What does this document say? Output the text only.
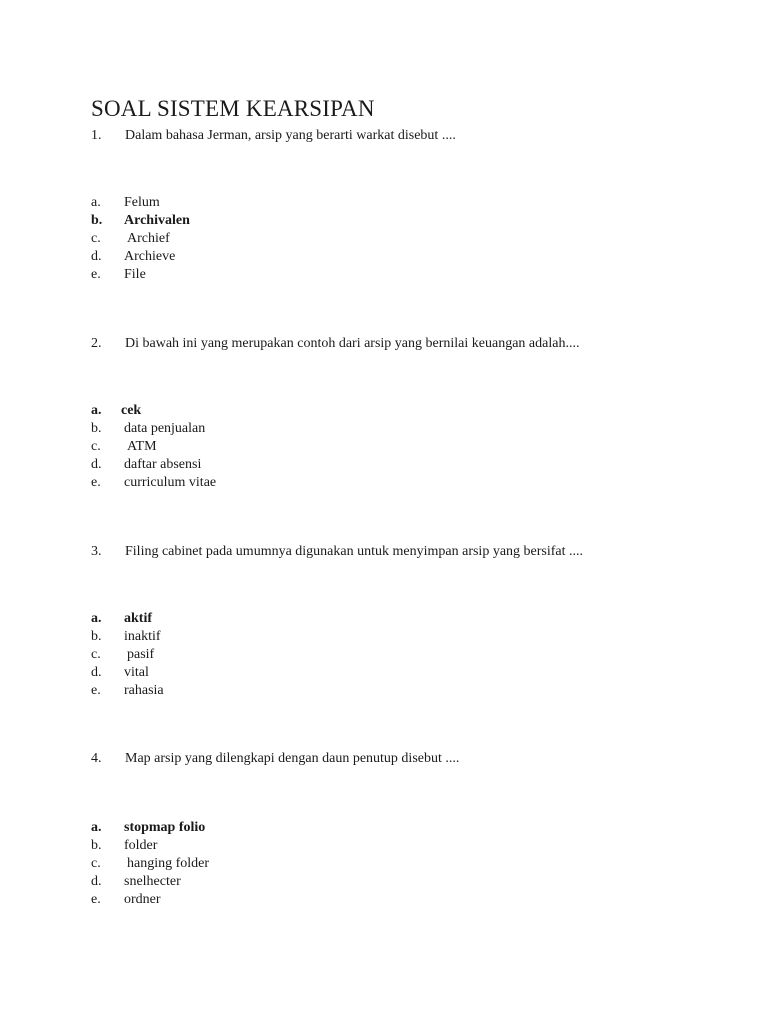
SOAL SISTEM KEARSIPAN
1. Dalam bahasa Jerman, arsip yang berarti warkat disebut ....
a. Felum
b. Archivalen
c. Archief
d. Archieve
e. File
2. Di bawah ini yang merupakan contoh dari arsip yang bernilai keuangan adalah....
a. cek
b. data penjualan
c. ATM
d. daftar absensi
e. curriculum vitae
3. Filing cabinet pada umumnya digunakan untuk menyimpan arsip yang bersifat ....
a. aktif
b. inaktif
c. pasif
d. vital
e. rahasia
4. Map arsip yang dilengkapi dengan daun penutup disebut ....
a. stopmap folio
b. folder
c. hanging folder
d. snelhecter
e. ordner
